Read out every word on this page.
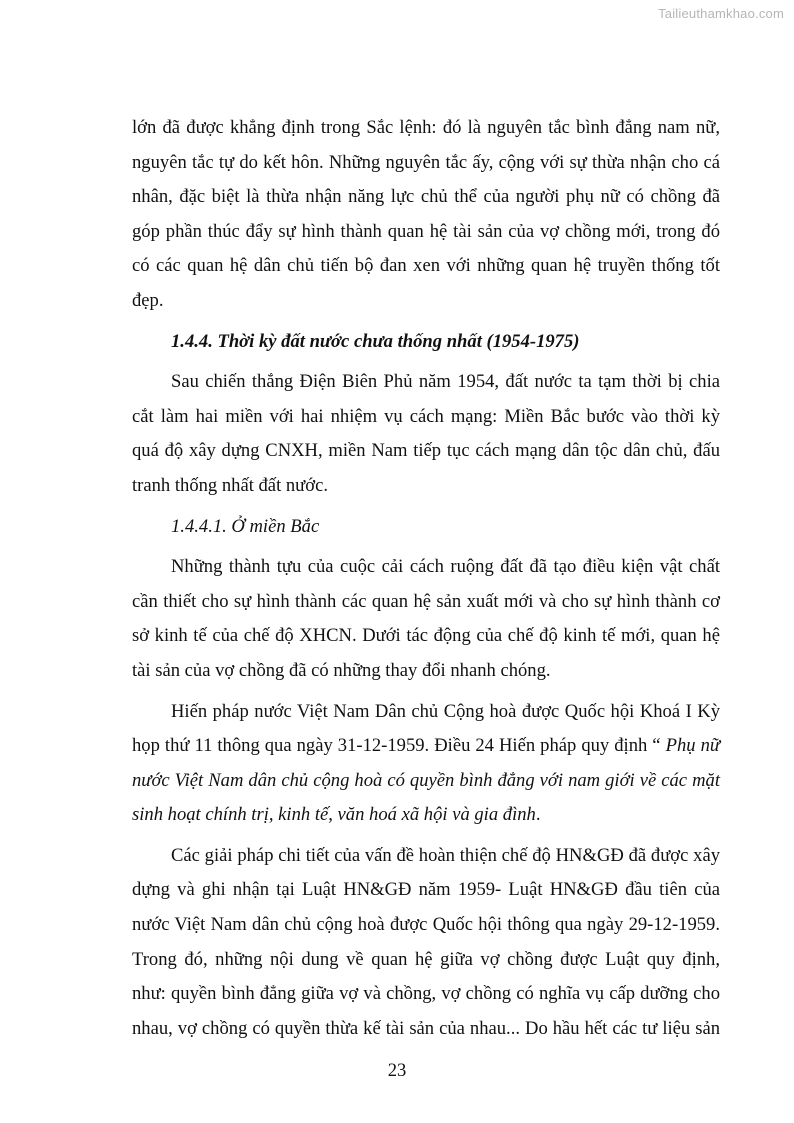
Tailieuthamkhao.com
lớn đã được khẳng định trong Sắc lệnh: đó là nguyên tắc bình đẳng nam nữ,
nguyên tắc tự do kết hôn. Những nguyên tắc ấy, cộng với sự thừa nhận cho cá
nhân, đặc biệt là thừa nhận năng lực chủ thể của người phụ nữ có chồng đã
góp phần thúc đẩy sự hình thành quan hệ tài sản của vợ chồng mới, trong đó
có các quan hệ dân chủ tiến bộ đan xen với những quan hệ truyền thống tốt
đẹp.
1.4.4. Thời kỳ đất nước chưa thống nhất (1954-1975)
Sau chiến thắng Điện Biên Phủ năm 1954, đất nước ta tạm thời bị chia
cắt làm hai miền với hai nhiệm vụ cách mạng: Miền Bắc bước vào thời kỳ
quá độ xây dựng CNXH, miền Nam tiếp tục cách mạng dân tộc dân chủ, đấu
tranh thống nhất đất nước.
1.4.4.1. Ở miền Bắc
Những thành tựu của cuộc cải cách ruộng đất đã tạo điều kiện vật chất
cần thiết cho sự hình thành các quan hệ sản xuất mới và cho sự hình thành cơ
sở kinh tế của chế độ XHCN. Dưới tác động của chế độ kinh tế mới, quan hệ
tài sản của vợ chồng đã có những thay đổi nhanh chóng.
Hiến pháp nước Việt Nam Dân chủ Cộng hoà được Quốc hội Khoá I Kỳ
họp thứ 11 thông qua ngày 31-12-1959. Điều 24 Hiến pháp quy định “ Phụ nữ
nước Việt Nam dân chủ cộng hoà có quyền bình đẳng với nam giới về các mặt
sinh hoạt chính trị, kinh tế, văn hoá xã hội và gia đình.
Các giải pháp chi tiết của vấn đề hoàn thiện chế độ HN&GĐ đã được xây
dựng và ghi nhận tại Luật HN&GĐ năm 1959- Luật HN&GĐ đầu tiên của
nước Việt Nam dân chủ cộng hoà được Quốc hội thông qua ngày 29-12-1959.
Trong đó, những nội dung về quan hệ giữa vợ chồng được Luật quy định,
như: quyền bình đẳng giữa vợ và chồng, vợ chồng có nghĩa vụ cấp dưỡng cho
nhau, vợ chồng có quyền thừa kế tài sản của nhau... Do hầu hết các tư liệu sản
23
